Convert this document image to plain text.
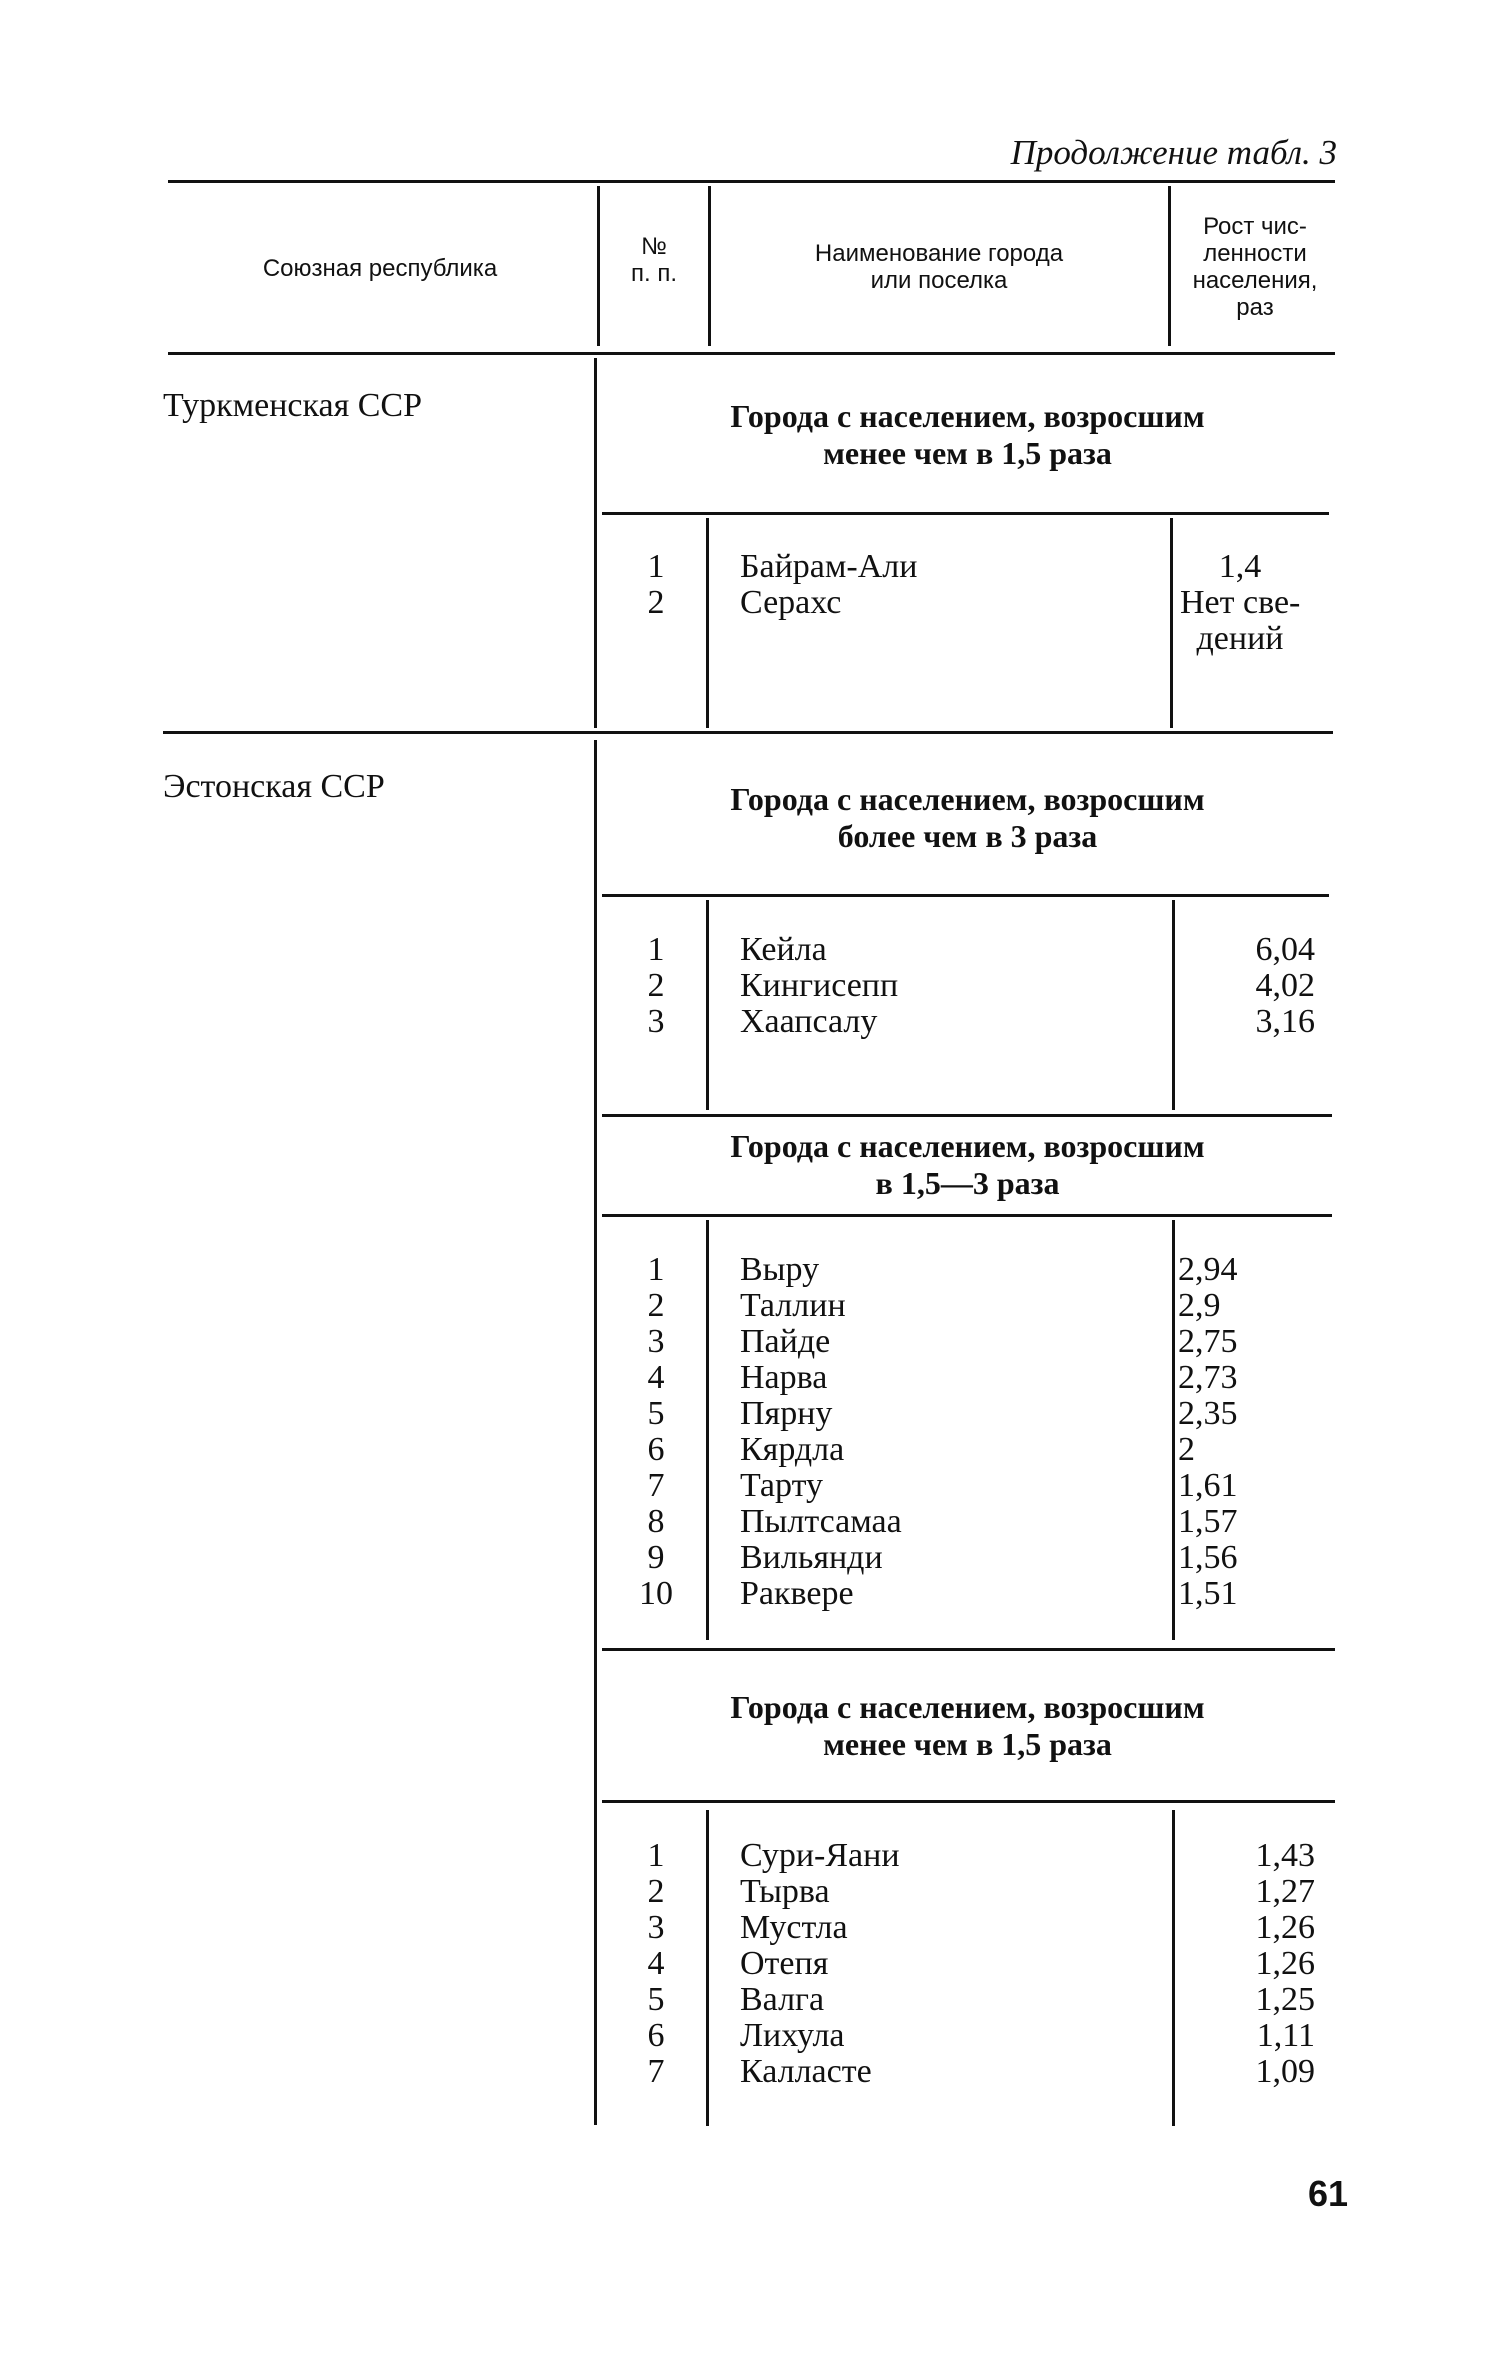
Продолжение табл. 3
Союзная республика
№
п. п.
Наименование города
или поселка
Рост чис-
ленности
населения,
раз
Туркменская ССР	Города с населением, возросшим
менее чем в 1,5 раза
1
2
Байрам-Али
Серахс
1,4
Нет све-
дений
Эстонская ССР	Города с населением, возросшим
более чем в 3 раза
1
2
3
Кейла
Кингисепп
Хаапсалу
6,04
4,02
3,16
Города с населением, возросшим
в 1,5—3 раза
1
2
3
4
5
6
7
8
9
10
Выру
Таллин
Пайде
Нарва
Пярну
Кярдла
Тарту
Пылтсамаа
Вильянди
Раквере
2,94
2,9
2,75
2,73
2,35
2
1,61
1,57
1,56
1,51
Города с населением, возросшим
менее чем в 1,5 раза
1
2
3
4
5
6
7
Сури-Яани
Тырва
Мустла
Отепя
Валга
Лихула
Калласте
1,43
1,27
1,26
1,26
1,25
1,11
1,09
61
